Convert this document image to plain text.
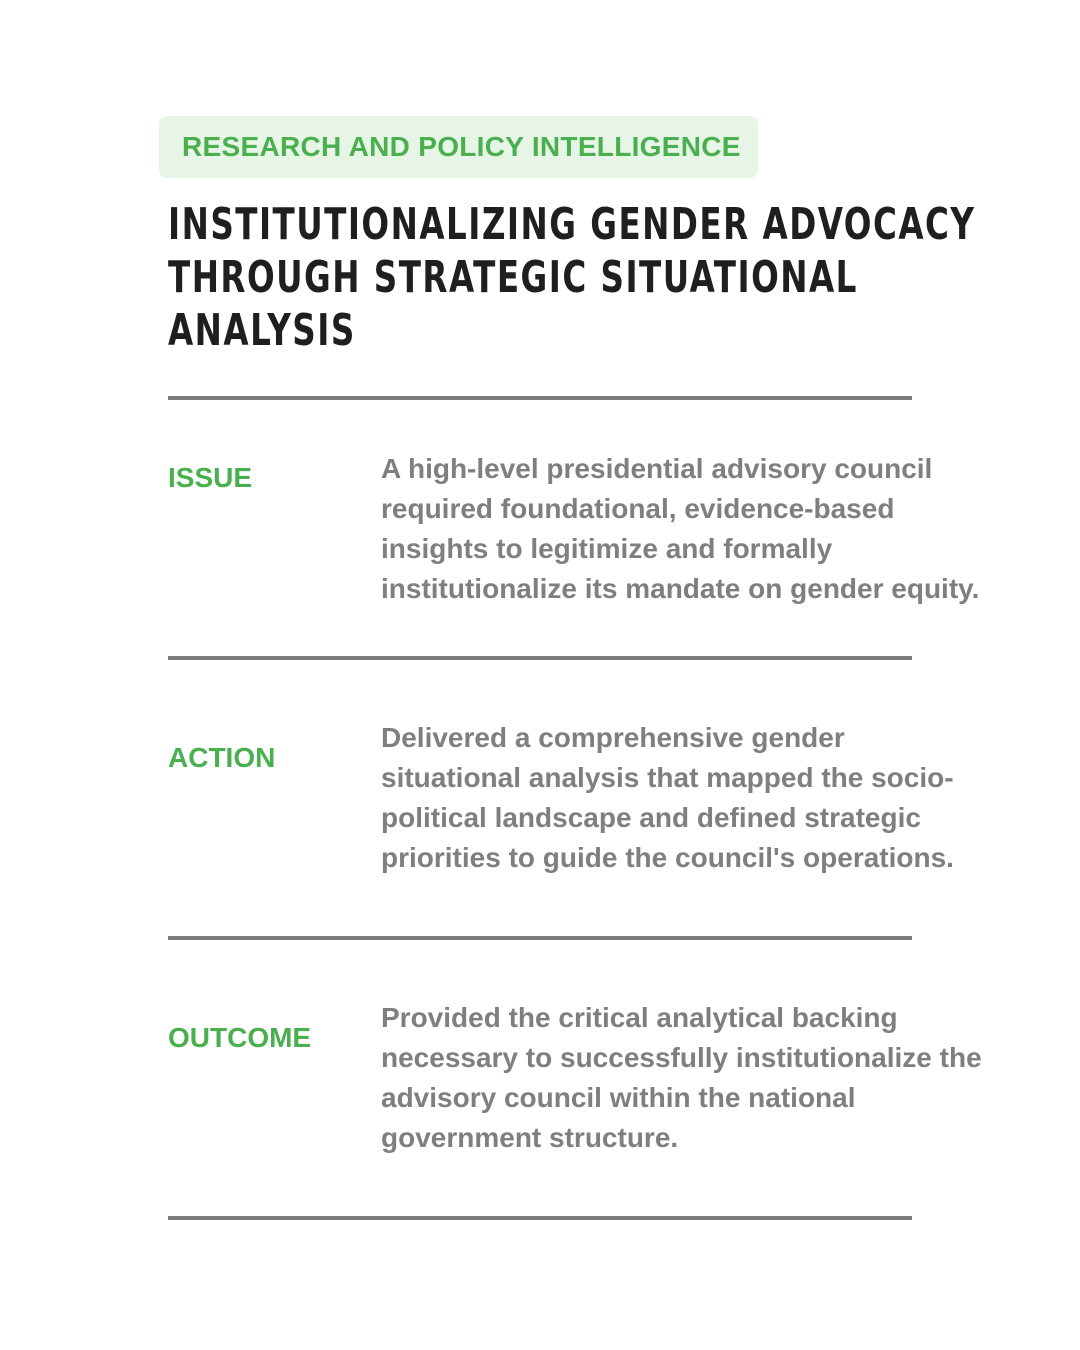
RESEARCH AND POLICY INTELLIGENCE
INSTITUTIONALIZING GENDER ADVOCACY
THROUGH STRATEGIC SITUATIONAL
ANALYSIS
ISSUE	A high-level presidential advisory council
required foundational, evidence-based
insights to legitimize and formally
institutionalize its mandate on gender equity.
ACTION
Delivered a comprehensive gender
situational analysis that mapped the socio-
political landscape and defined strategic
priorities to guide the council's operations.
OUTCOME
Provided the critical analytical backing
necessary to successfully institutionalize the
advisory council within the national
government structure.
